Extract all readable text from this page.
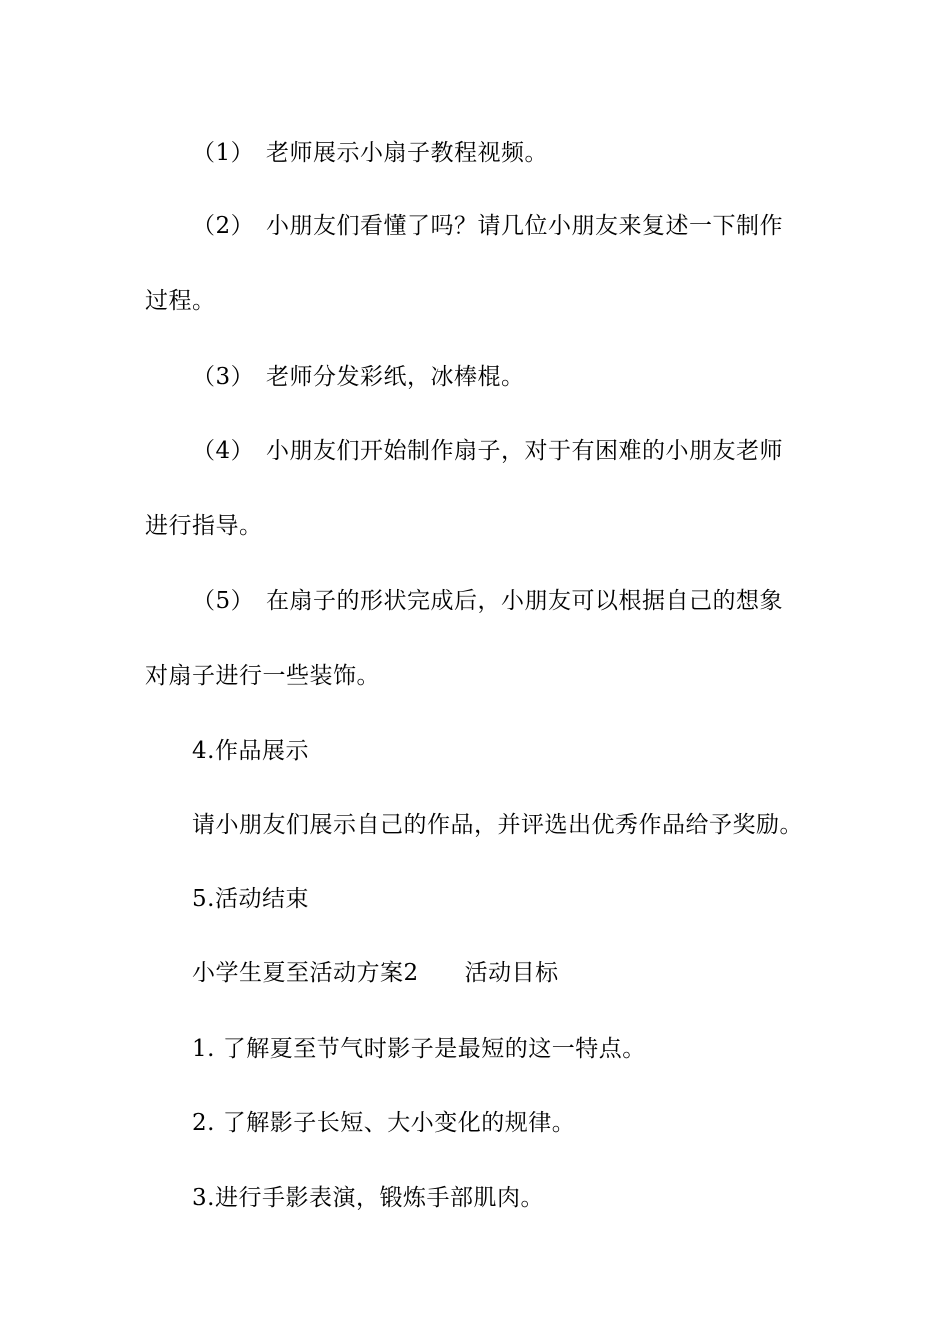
（1） 老师展示小扇子教程视频。
（2） 小朋友们看懂了吗？请几位小朋友来复述一下制作
过程。
（3） 老师分发彩纸，冰棒棍。
（4） 小朋友们开始制作扇子，对于有困难的小朋友老师
进行指导。
（5） 在扇子的形状完成后，小朋友可以根据自己的想象
对扇子进行一些装饰。
4.作品展示
请小朋友们展示自己的作品，并评选出优秀作品给予奖励。
5.活动结束
小学生夏至活动方案2 活动目标
1. 了解夏至节气时影子是最短的这一特点。
2. 了解影子长短、大小变化的规律。
3.进行手影表演，锻炼手部肌肉。
